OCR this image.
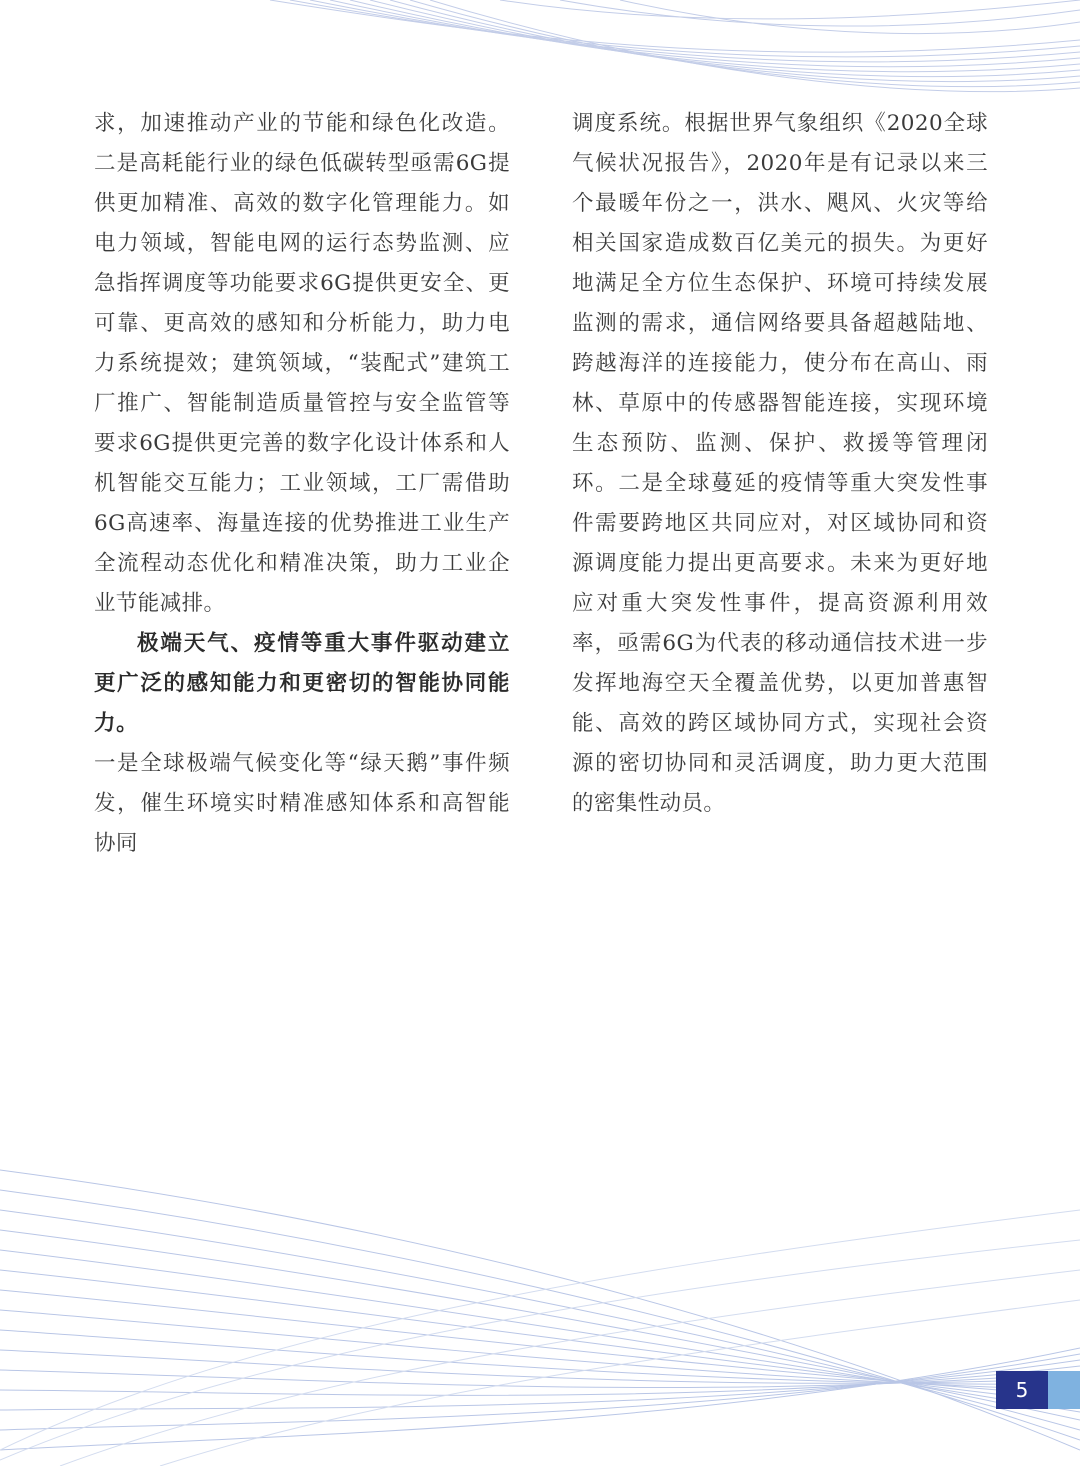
求，加速推动产业的节能和绿色化改造。二是高耗能行业的绿色低碳转型亟需6G提供更加精准、高效的数字化管理能力。如电力领域，智能电网的运行态势监测、应急指挥调度等功能要求6G提供更安全、更可靠、更高效的感知和分析能力，助力电力系统提效；建筑领域，“装配式”建筑工厂推广、智能制造质量管控与安全监管等要求6G提供更完善的数字化设计体系和人机智能交互能力；工业领域，工厂需借助6G高速率、海量连接的优势推进工业生产全流程动态优化和精准决策，助力工业企业节能减排。

极端天气、疫情等重大事件驱动建立更广泛的感知能力和更密切的智能协同能力。

一是全球极端气候变化等“绿天鹅”事件频发，催生环境实时精准感知体系和高智能协同

调度系统。根据世界气象组织《2020全球气候状况报告》，2020年是有记录以来三个最暖年份之一，洪水、飓风、火灾等给相关国家造成数百亿美元的损失。为更好地满足全方位生态保护、环境可持续发展监测的需求，通信网络要具备超越陆地、跨越海洋的连接能力，使分布在高山、雨林、草原中的传感器智能连接，实现环境生态预防、监测、保护、救援等管理闭环。二是全球蔓延的疫情等重大突发性事件需要跨地区共同应对，对区域协同和资源调度能力提出更高要求。未来为更好地应对重大突发性事件，提高资源利用效率，亟需6G为代表的移动通信技术进一步发挥地海空天全覆盖优势，以更加普惠智能、高效的跨区域协同方式，实现社会资源的密切协同和灵活调度，助力更大范围的密集性动员。

5
